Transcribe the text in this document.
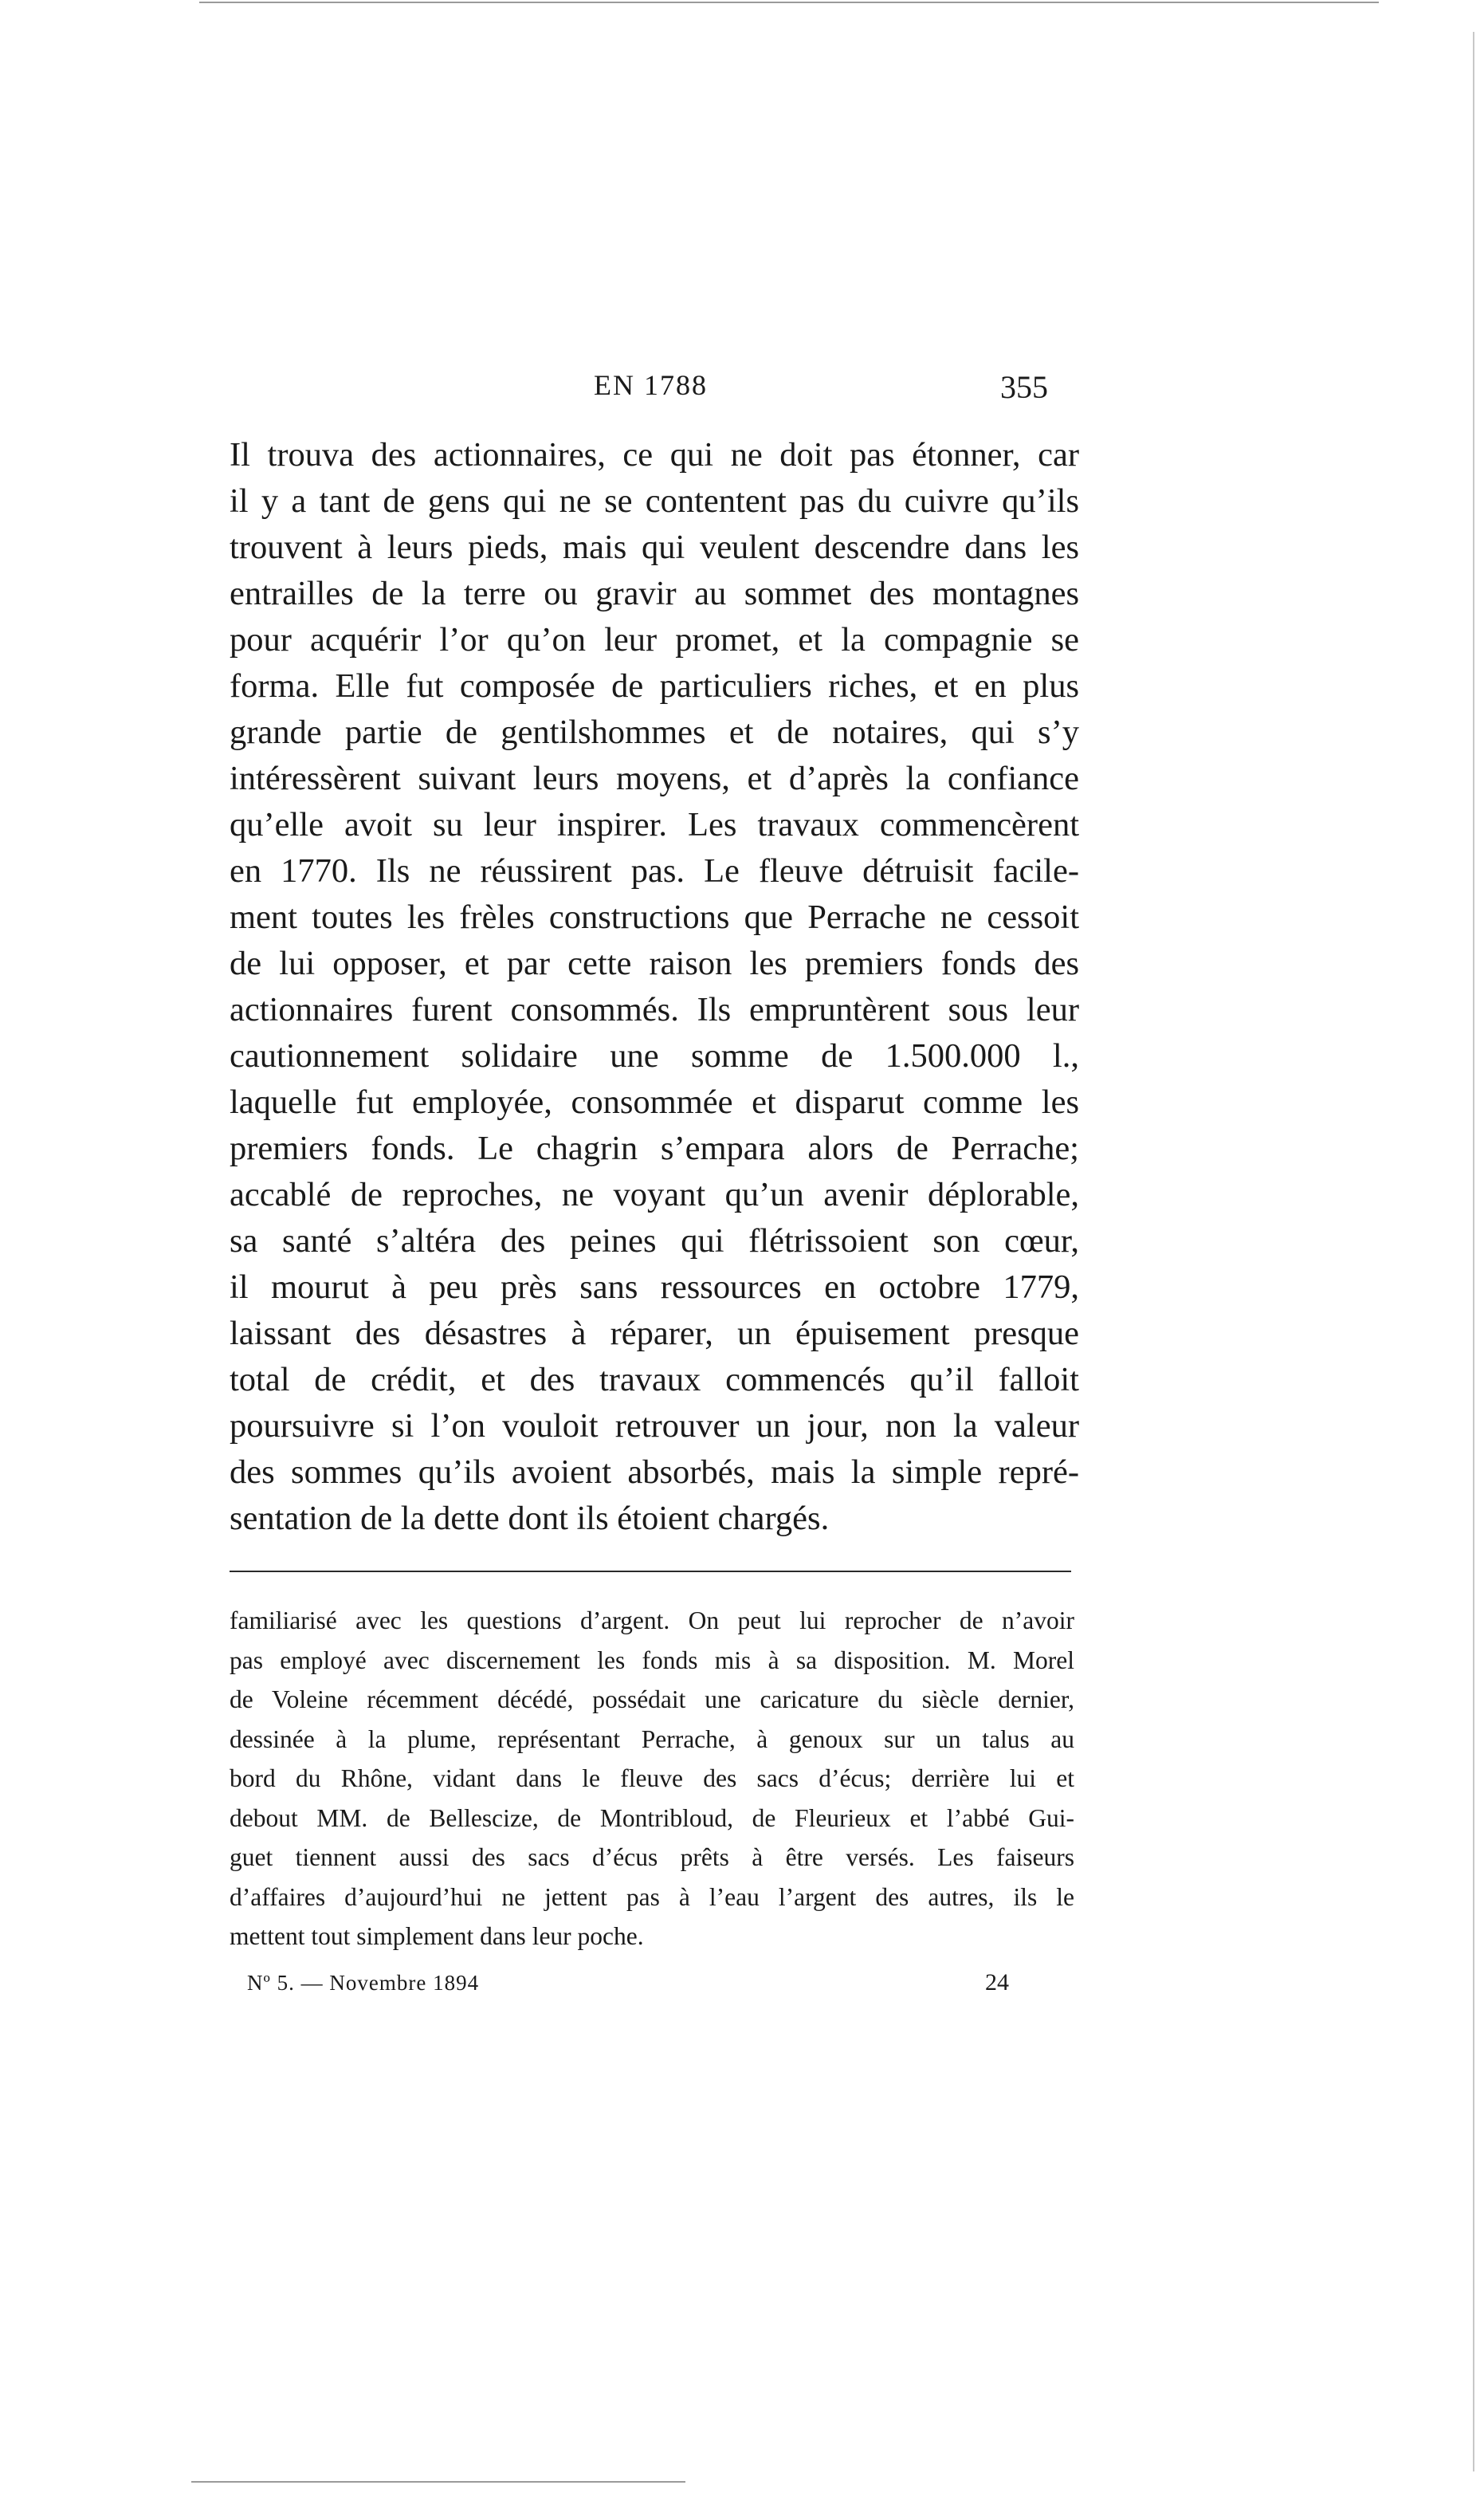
EN 1788	355
Il trouva des actionnaires, ce qui ne doit pas étonner, car
il y a tant de gens qui ne se contentent pas du cuivre qu’ils
trouvent à leurs pieds, mais qui veulent descendre dans les
entrailles de la terre ou gravir au sommet des montagnes
pour acquérir l’or qu’on leur promet, et la compagnie se
forma. Elle fut composée de particuliers riches, et en plus
grande partie de gentilshommes et de notaires, qui s’y
intéressèrent suivant leurs moyens, et d’après la confiance
qu’elle avoit su leur inspirer. Les travaux commencèrent
en 1770. Ils ne réussirent pas. Le fleuve détruisit facile-
ment toutes les frèles constructions que Perrache ne cessoit
de lui opposer, et par cette raison les premiers fonds des
actionnaires furent consommés. Ils empruntèrent sous leur
cautionnement solidaire une somme de 1.500.000 l.,
laquelle fut employée, consommée et disparut comme les
premiers fonds. Le chagrin s’empara alors de Perrache;
accablé de reproches, ne voyant qu’un avenir déplorable,
sa santé s’altéra des peines qui flétrissoient son cœur,
il mourut à peu près sans ressources en octobre 1779,
laissant des désastres à réparer, un épuisement presque
total de crédit, et des travaux commencés qu’il falloit
poursuivre si l’on vouloit retrouver un jour, non la valeur
des sommes qu’ils avoient absorbés, mais la simple repré-
sentation de la dette dont ils étoient chargés.
familiarisé avec les questions d’argent. On peut lui reprocher de n’avoir
pas employé avec discernement les fonds mis à sa disposition. M. Morel
de Voleine récemment décédé, possédait une caricature du siècle dernier,
dessinée à la plume, représentant Perrache, à genoux sur un talus au
bord du Rhône, vidant dans le fleuve des sacs d’écus; derrière lui et
debout MM. de Bellescize, de Montribloud, de Fleurieux et l’abbé Gui-
guet tiennent aussi des sacs d’écus prêts à être versés. Les faiseurs
d’affaires d’aujourd’hui ne jettent pas à l’eau l’argent des autres, ils le
mettent tout simplement dans leur poche.
Nº 5. — Novembre 1894	24
